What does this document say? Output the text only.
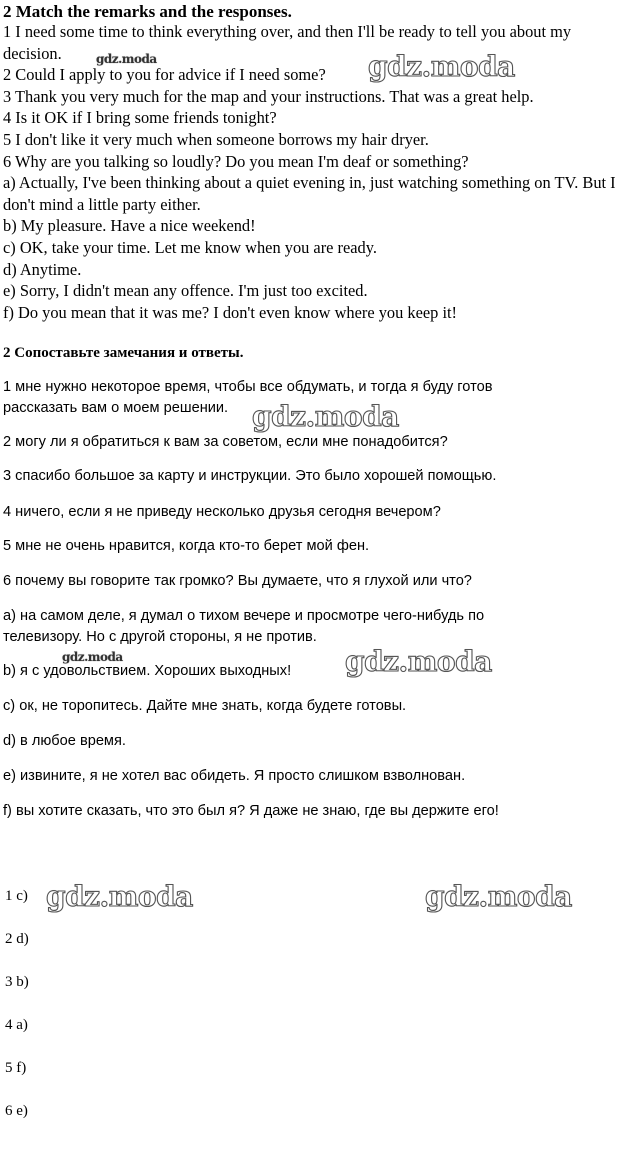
2 Match the remarks and the responses.

1 I need some time to think everything over, and then I'll be ready to tell you about my decision.

2 Could I apply to you for advice if I need some?

3 Thank you very much for the map and your instructions. That was a great help.

4 Is it OK if I bring some friends tonight?

5 I don't like it very much when someone borrows my hair dryer.

6 Why are you talking so loudly? Do you mean I'm deaf or something?

a) Actually, I've been thinking about a quiet evening in, just watching something on TV. But I don't mind a little party either.

b) My pleasure. Have a nice weekend!

c) OK, take your time. Let me know when you are ready.

d) Anytime.

e) Sorry, I didn't mean any offence. I'm just too excited.

f) Do you mean that it was me? I don't even know where you keep it!

2 Сопоставьте замечания и ответы.

1 мне нужно некоторое время, чтобы все обдумать, и тогда я буду готов

рассказать вам о моем решении.

2 могу ли я обратиться к вам за советом, если мне понадобится?

3 спасибо большое за карту и инструкции. Это было хорошей помощью.

4 ничего, если я не приведу несколько друзья сегодня вечером?

5 мне не очень нравится, когда кто-то берет мой фен.

6 почему вы говорите так громко? Вы думаете, что я глухой или что?

a) на самом деле, я думал о тихом вечере и просмотре чего-нибудь по

телевизору. Но с другой стороны, я не против.

b) я с удовольствием. Хороших выходных!

c) ок, не торопитесь. Дайте мне знать, когда будете готовы.

d) в любое время.

e) извините, я не хотел вас обидеть. Я просто слишком взволнован.

f) вы хотите сказать, что это был я? Я даже не знаю, где вы держите его!

1 c)
2 d)
3 b)
4 a)
5 f)
6 e)
gdz.moda	gdz.moda
gdz.moda
gdz.moda	gdz.moda
gdz.moda	gdz.moda
